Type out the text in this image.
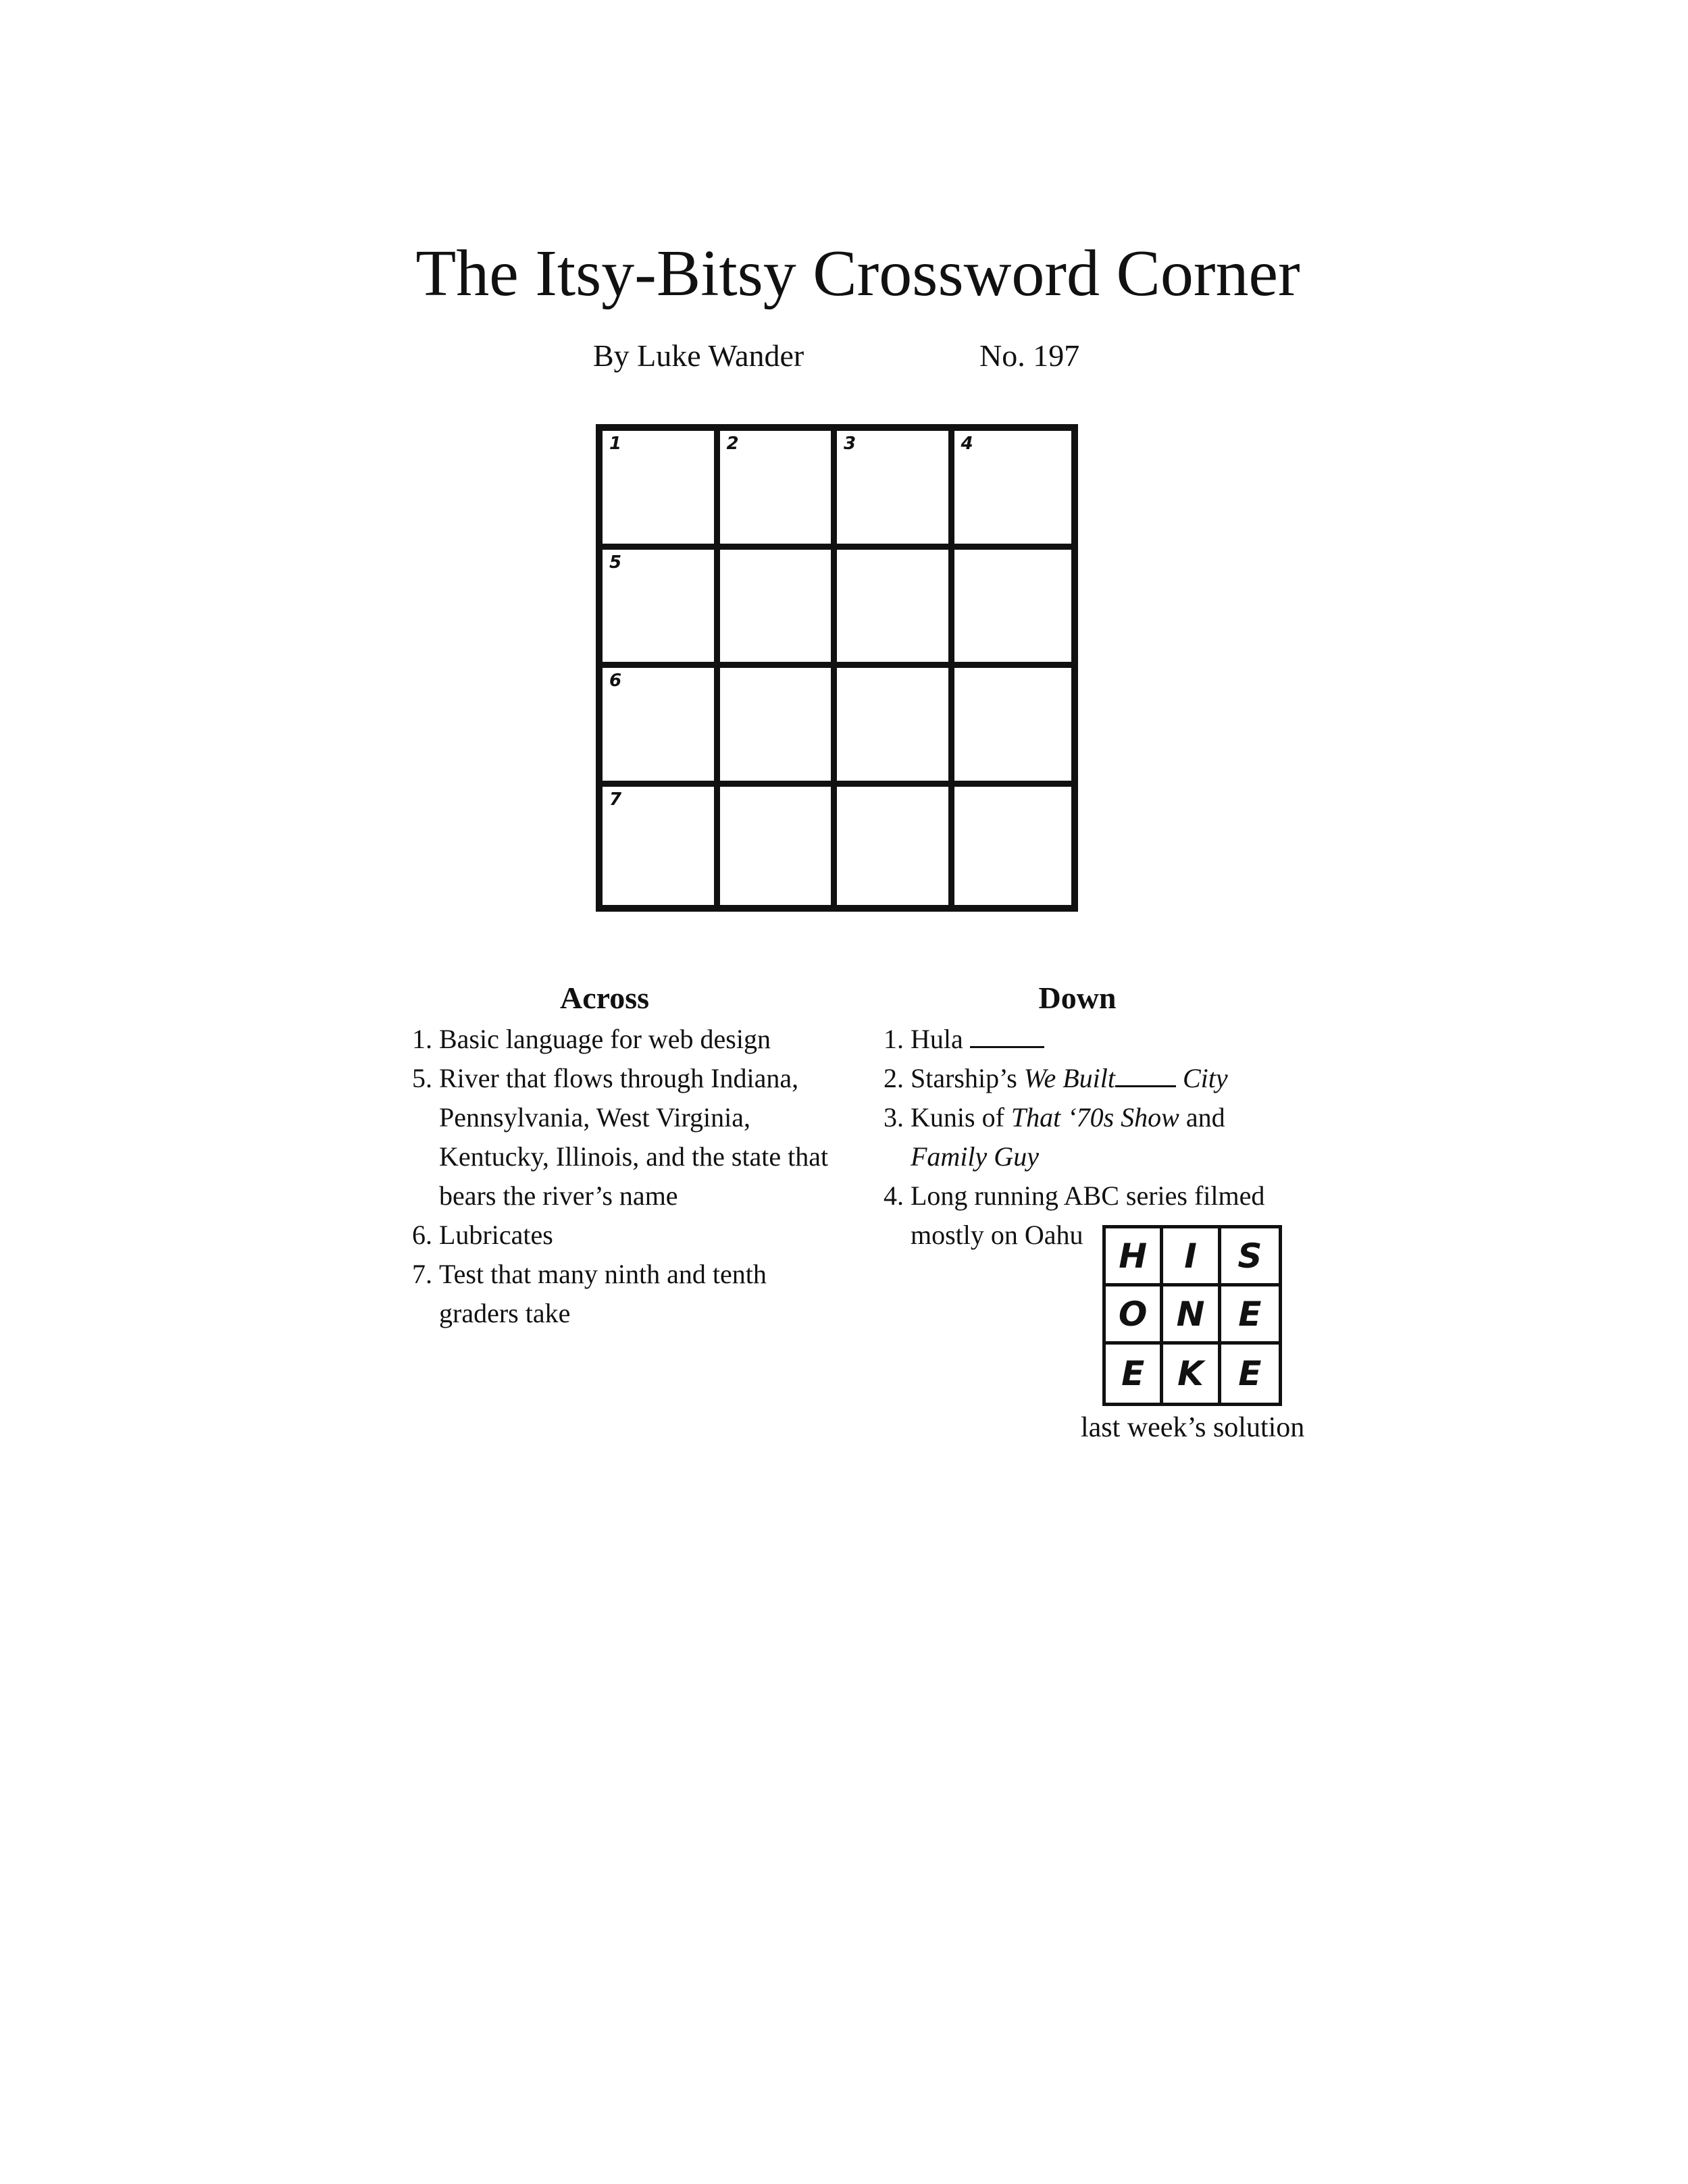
The Itsy-Bitsy Crossword Corner
By Luke Wander	No. 197
1	2	3	4
5
6
7
Across	Down
1. Basic language for web design
5. River that flows through Indiana, Pennsylvania, West Virginia, Kentucky, Illinois, and the state that bears the river’s name
6. Lubricates
7. Test that many ninth and tenth graders take
1. Hula
2. Starship’s We Built	City
3. Kunis of That ‘70s Show and
Family Guy
4. Long running ABC series filmed
mostly on Oahu
H	I	S
O N E
E K	E
last week’s solution
